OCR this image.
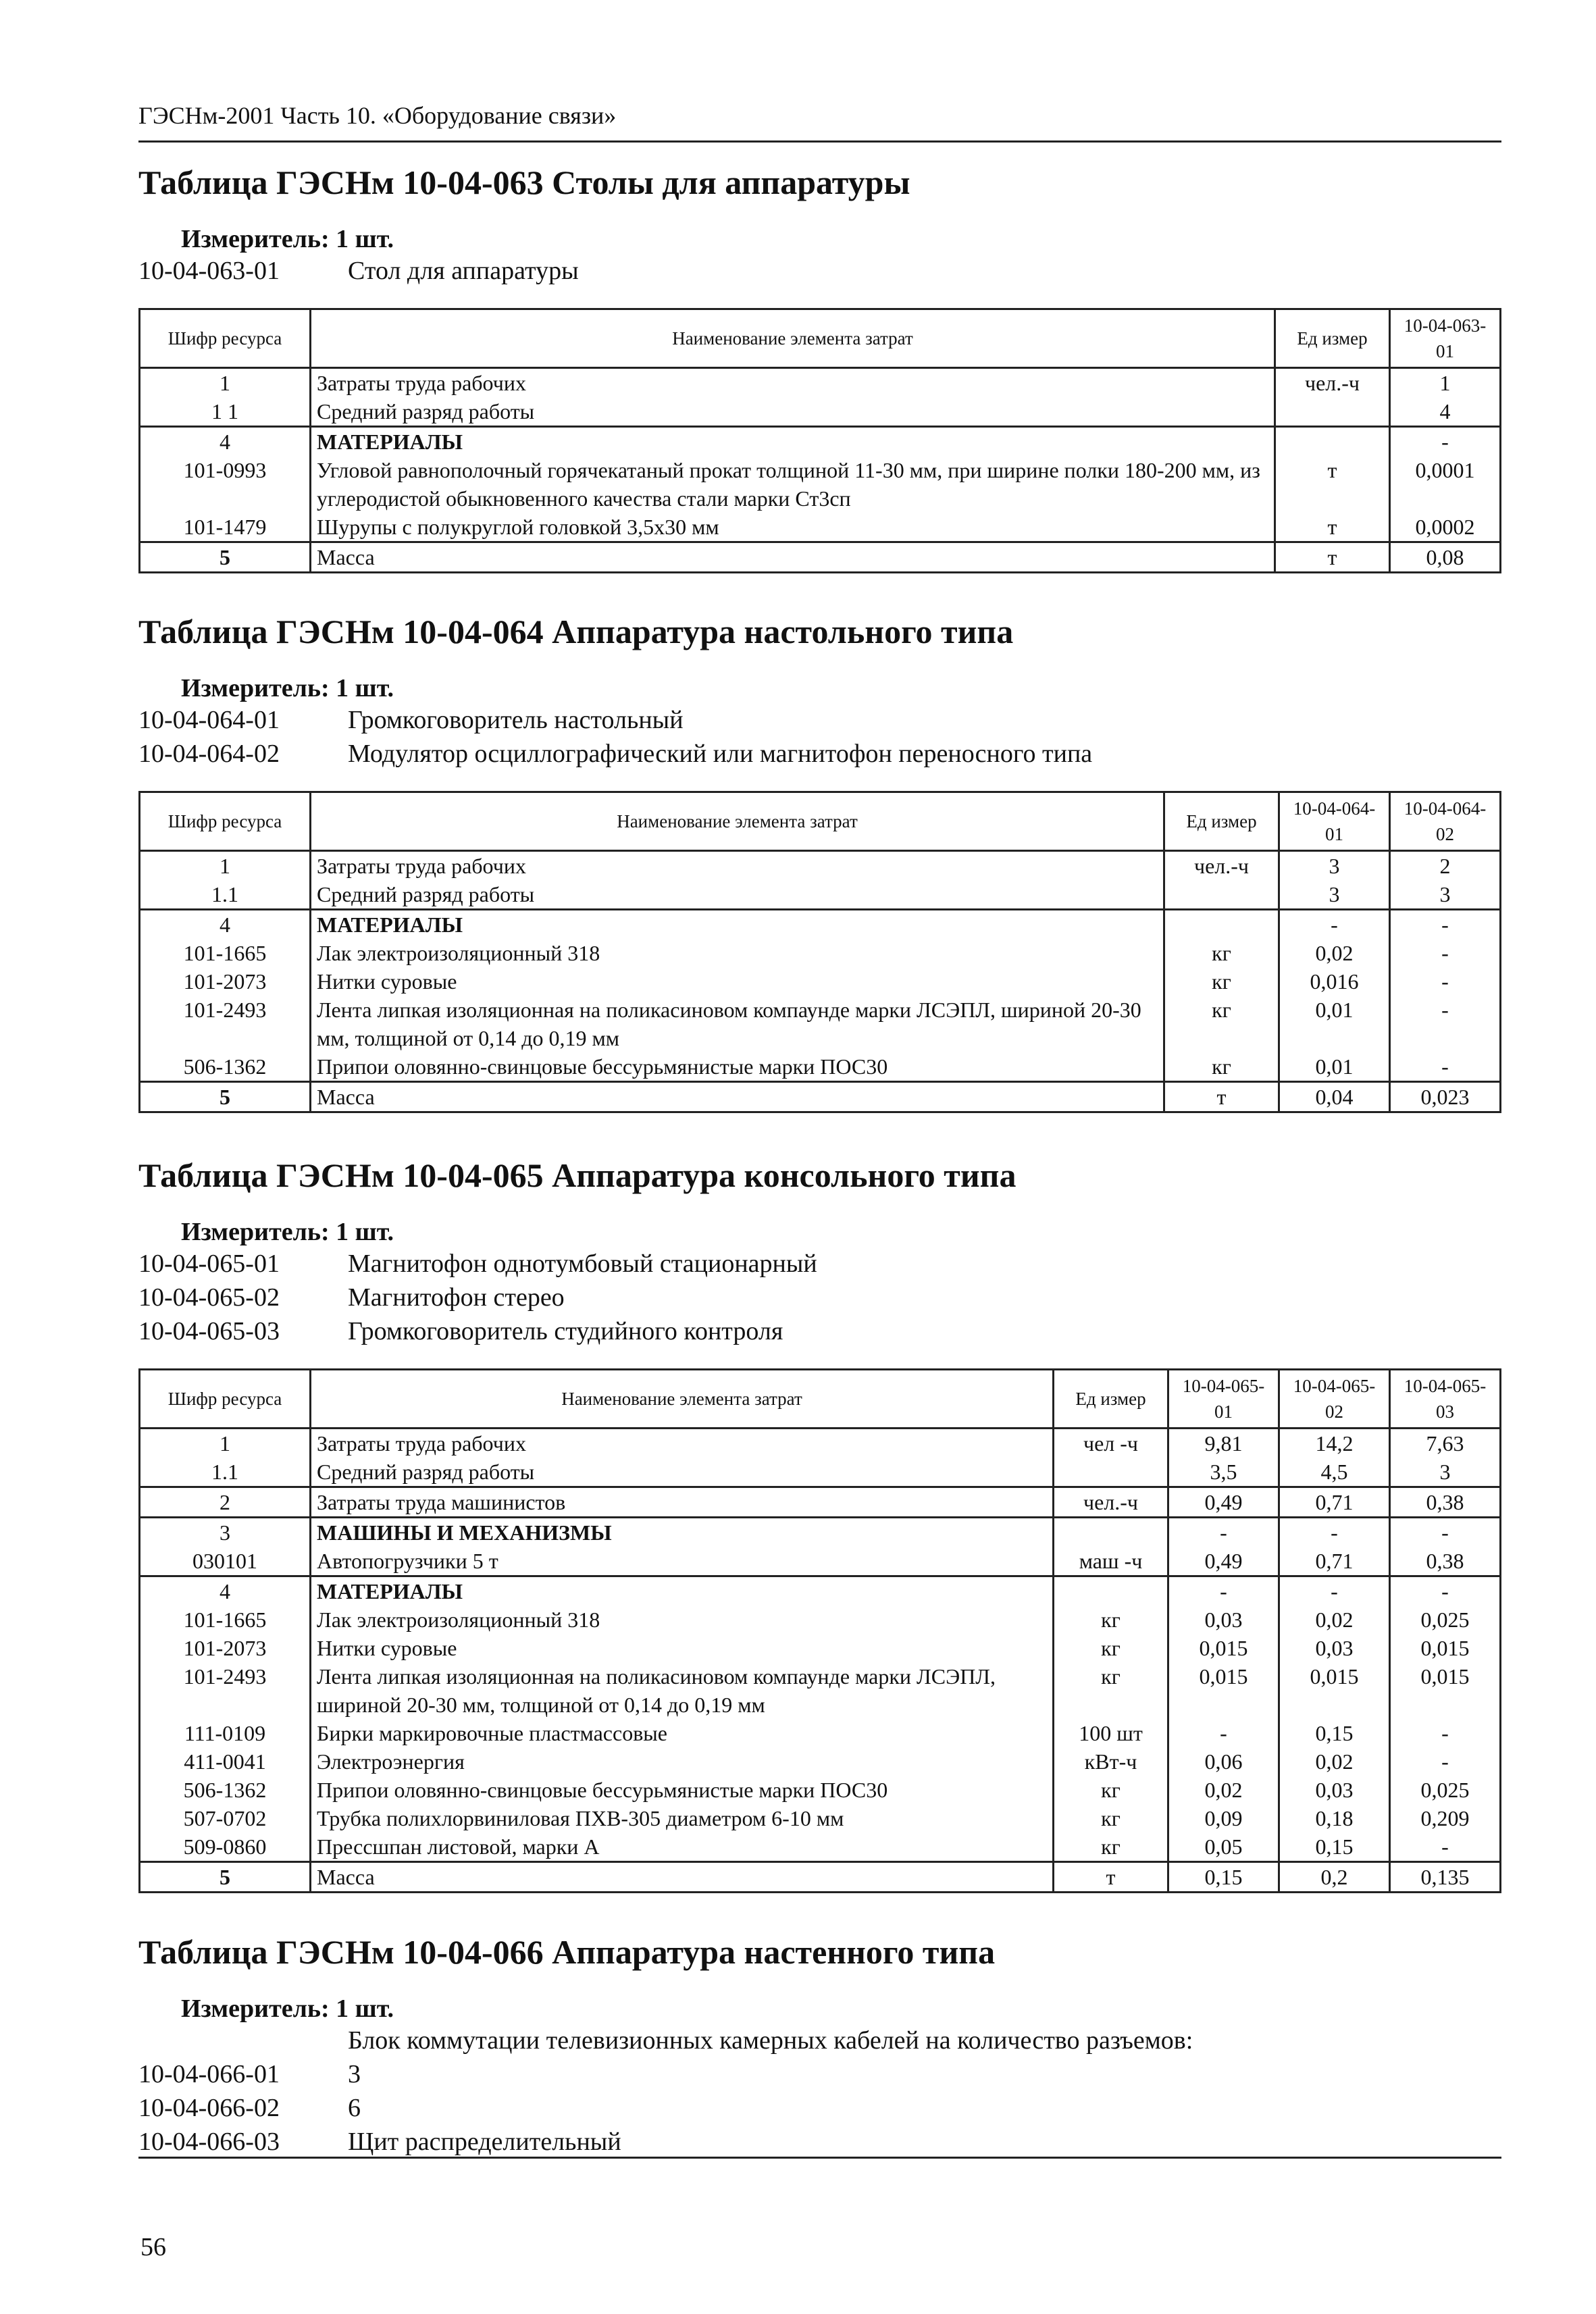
ГЭСНм-2001 Часть 10. «Оборудование связи»
Таблица ГЭСНм 10-04-063 Столы для аппаратуры
Измеритель: 1 шт.
10-04-063-01	Стол для аппаратуры
Шифр ресурса	Наименование элемента затрат	Ед измер	10-04-063-01
1	Затраты труда рабочих	чел.-ч	1
1 1	Средний разряд работы		4
4	МАТЕРИАЛЫ		-
101-0993	Угловой равнополочный горячекатаный прокат толщиной 11-30 мм, при ширине полки 180-200 мм, из углеродистой обыкновенного качества стали марки Ст3сп	т	0,0001
101-1479	Шурупы с полукруглой головкой 3,5х30 мм	т	0,0002
5	Масса	т	0,08
Таблица ГЭСНм 10-04-064 Аппаратура настольного типа
Измеритель: 1 шт.
10-04-064-01	Громкоговоритель настольный
10-04-064-02	Модулятор осциллографический или магнитофон переносного типа
Шифр ресурса	Наименование элемента затрат	Ед измер	10-04-064-01	10-04-064-02
1	Затраты труда рабочих	чел.-ч	3	2
1.1	Средний разряд работы		3	3
4	МАТЕРИАЛЫ		-	-
101-1665	Лак электроизоляционный 318	кг	0,02	-
101-2073	Нитки суровые	кг	0,016	-
101-2493	Лента липкая изоляционная на поликасиновом компаунде марки ЛСЭПЛ, шириной 20-30 мм, толщиной от 0,14 до 0,19 мм	кг	0,01	-
506-1362	Припои оловянно-свинцовые бессурьмянистые марки ПОС30	кг	0,01	-
5	Масса	т	0,04	0,023
Таблица ГЭСНм 10-04-065 Аппаратура консольного типа
Измеритель: 1 шт.
10-04-065-01	Магнитофон однотумбовый стационарный
10-04-065-02	Магнитофон стерео
10-04-065-03	Громкоговоритель студийного контроля
Шифр ресурса	Наименование элемента затрат	Ед измер	10-04-065-01	10-04-065-02	10-04-065-03
1	Затраты труда рабочих	чел -ч	9,81	14,2	7,63
1.1	Средний разряд работы		3,5	4,5	3
2	Затраты труда машинистов	чел.-ч	0,49	0,71	0,38
3	МАШИНЫ И МЕХАНИЗМЫ		-	-	-
030101	Автопогрузчики 5 т	маш -ч	0,49	0,71	0,38
4	МАТЕРИАЛЫ		-	-	-
101-1665	Лак электроизоляционный 318	кг	0,03	0,02	0,025
101-2073	Нитки суровые	кг	0,015	0,03	0,015
101-2493	Лента липкая изоляционная на поликасиновом компаунде марки ЛСЭПЛ, шириной 20-30 мм, толщиной от 0,14 до 0,19 мм	кг	0,015	0,015	0,015
111-0109	Бирки маркировочные пластмассовые	100 шт	-	0,15	-
411-0041	Электроэнергия	кВт-ч	0,06	0,02	-
506-1362	Припои оловянно-свинцовые бессурьмянистые марки ПОС30	кг	0,02	0,03	0,025
507-0702	Трубка полихлорвиниловая ПХВ-305 диаметром 6-10 мм	кг	0,09	0,18	0,209
509-0860	Прессшпан листовой, марки А	кг	0,05	0,15	-
5	Масса	т	0,15	0,2	0,135
Таблица ГЭСНм 10-04-066 Аппаратура настенного типа
Измеритель: 1 шт.
Блок коммутации телевизионных камерных кабелей на количество разъемов:
10-04-066-01	3
10-04-066-02	6
10-04-066-03	Щит распределительный
56
